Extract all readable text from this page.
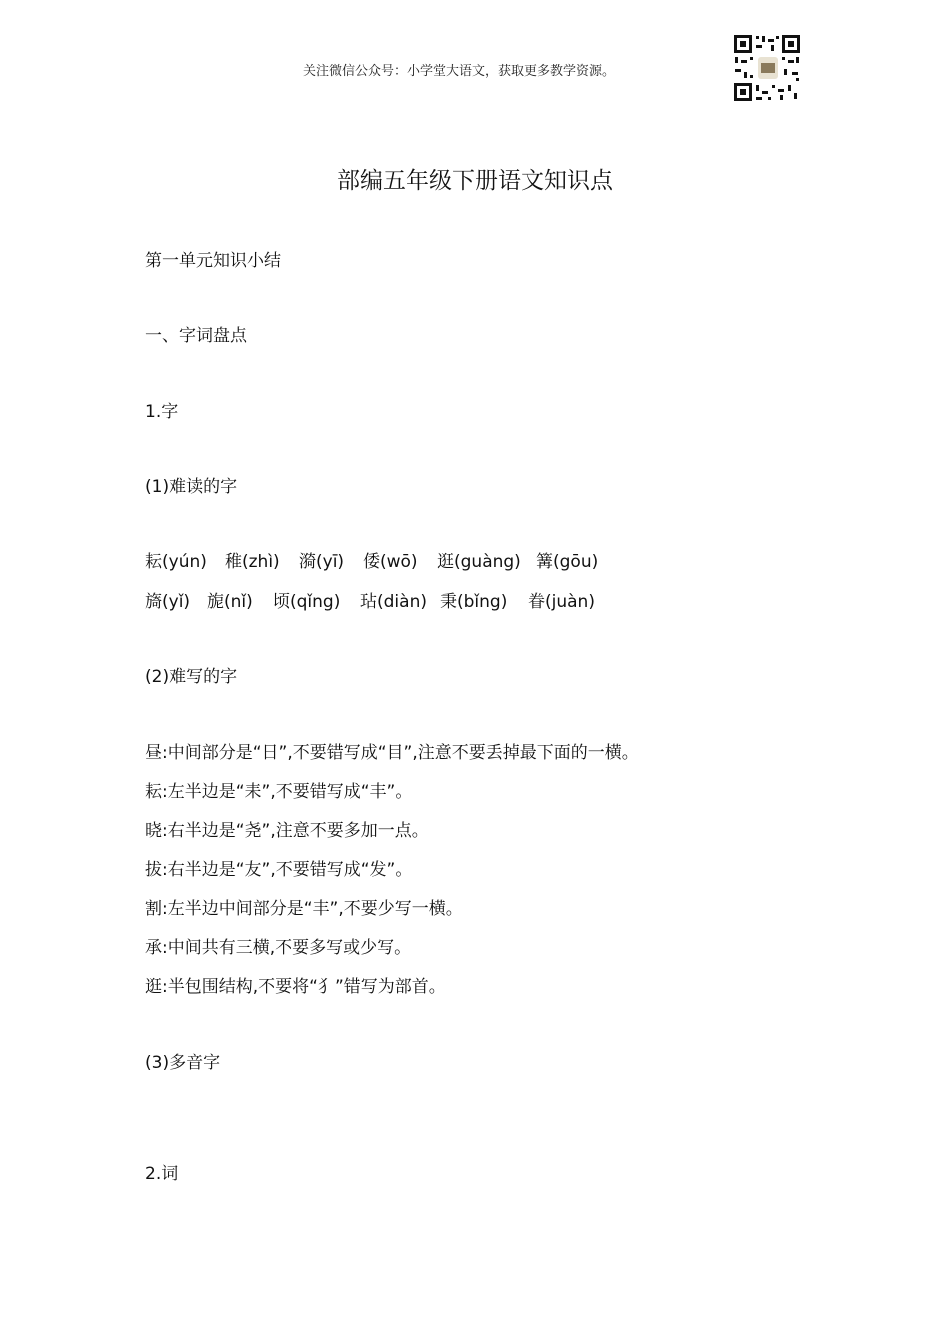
关注微信公众号：小学堂大语文，获取更多教学资源。
部编五年级下册语文知识点
第一单元知识小结
一、字词盘点
1.字
(1)难读的字
耘(yún) 稚(zhì) 漪(yī) 倭(wō) 逛(guàng) 篝(gōu)
旖(yǐ) 旎(nǐ) 顷(qǐng) 玷(diàn) 秉(bǐng) 眷(juàn)
(2)难写的字
昼:中间部分是“日”,不要错写成“目”,注意不要丢掉最下面的一横。
耘:左半边是“耒”,不要错写成“丰”。
晓:右半边是“尧”,注意不要多加一点。
拔:右半边是“友”,不要错写成“发”。
割:左半边中间部分是“丰”,不要少写一横。
承:中间共有三横,不要多写或少写。
逛:半包围结构,不要将“犭”错写为部首。
(3)多音字
2.词
